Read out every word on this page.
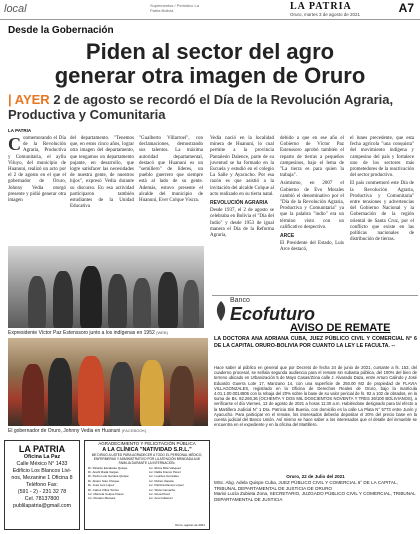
local	Suplementos / Periódico La Patria Bolivia	LA PATRIA
Oruro, martes 3 de agosto de 2021	A7
Desde la Gobernación
Piden al sector del agro
generar otra imagen de Oruro
| AYER 2 de agosto se recordó el Día de la Revolución Agraria, Productiva y Comunitaria
LA PATRIA
C onmemorando el Día de la Revolución Agraria, Productiva y Comunitaria, el ayllu Viluyo, del municipio de Huanuni, realizó un acto por el 2 de agosto en el que el gobernador de Oruro, Johnny Vedia otorgó presente y pidió generar otra imagen

del departamento. "Tenemos que, en estos cinco años, lograr otra imagen del departamento, que tengamos un departamento pujante, en desarrollo, que logre satisfacer las necesidades de nuestra gente, de nuestros hijos", expresó Vedia durante su discurso. En esa actividad participaron también estudiantes de la Unidad Educativa

"Gualberto Villarroel", con declamaciones, demostrando sus talentos. La máxima autoridad departamental, destacó que Huanuni es un "semillero" de líderes, un pueblo guerrero que siempre está al lado de su gente. Además, estuvo presente el alcalde del municipio de Huanuni, Ever Colque Viscra.

Vedia nació en la localidad minera de Huanuni, lo cual permite a la provincia Pantaleón Dalence, parte de su juventud se ha formado en la Escuela y estudió en el colegio La Salle y Ayacucho. Por esa razón es que asistió a la invitación del alcalde Colque al acto realizado en su tierra natal.

REVOLUCIÓN AGRARIA

Desde 1937, el 2 de agosto se celebraba en Bolivia el "Día del Indio" y desde 1953 de igual manera el Día de la Reforma Agraria,

debido a que en ese año el Gobierno de Víctor Paz Estenssoro aprobó también el reparto de tierras a pequeños campesinos, bajo el lema de "La tierra es para quien la trabaja".

Asimismo, en 2007 el Gobierno de Evo Morales cambió el denominativo por el "Día de la Revolución Agraria, Productiva y Comunitaria" ya que la palabra "indio" era un término visto con un calificativo despectivo.

ARCE

El Presidente del Estado, Luis Arce destacó,

el lunes precedente, que esta fecha agrícola "una conquista" del movimiento indígena y campesino del país y fortalece uno de los sectores más prometedores de la reactivación del sector productivo.

El país conmemoró este Día de la Revolución Agraria, Productiva y Comunitaria" entre tensiones y advertencias del Gobierno Nacional y la Gobernación de la región oriental de Santa Cruz, por el conflicto que existe en las políticas nacionales de distribución de tierras.

Expresidente Víctor Paz Estenssoro junto a los indígenas en 1952 (WEB)
El gobernador de Oruro, Johnny Vedia en Huanuni (FACEBOOK)
LA PATRIA
Oficina La Paz
Calle México N° 1433
Edificio Los Blancos Livi-
nos, Mezanine 1 Oficina 8
Teléfono Fax:
(591 - 2) - 231 32 78
Cel. 78137800
publilapatria@gmail.com
AGRADECIMIENTO Y FELICITACIÓN PÚBLICA
A LA CLÍNICA "NATIVIDAD S.R.L."
ME DIRIJO A USTED PARA AGRADECER A TODO EL PERSONAL MÉDICO, ENFERMERAS Y ADMINISTRATIVO POR LA ATENCIÓN BRINDADA A MI FAMILIA DURANTE LA INTERNACIÓN.
Dr. Ricardo Escalante Quispe
Dr. Anahí Rada Vargas
Dr. Pedro Luis Garnica Quispe
Dr. Alvaro Soto Choque
Dr. José Luis López
Dr. Carlos Villca Torrico
Lic. Marcela Colque Flores
Lic. Rosario Mamani
Lic. Elvira Mita Vásquez
Lic. Dalila Franco Pérez
Lic. Lourdes Gonzales
Lic. Rubén Zapata
Lic. Patricia Ramos López
Lic. Silvia Camacho
Lic. Rosa Pérez
Lic. Ana Gutiérrez
Oruro, agosto de 2021
Banco
Ecofuturo
AVISO DE REMATE
LA DOCTORA ANA ADRIANA CUBA, JUEZ PÚBLICO CIVIL Y COMERCIAL N° 6 DE LA CAPITAL ORURO-BOLIVIA POR CUANTO LA LEY LE FACULTA. --
Hace saber al público en general que por Decreto de fecha 24 de junio de 2021, cursante a fs. 153, del cuaderno procesal, se señala segunda audiencia para el remate sin subasta pública, del 100% del bien de terreno ubicado en Urbanización 5 de Mayo Casas/Zona calle J. Alvarado Daza, entre Arturo Calindo y José Eduardo Guerra Lote 17, Manzano 14, con una superficie de 250.00 M2 de propiedad de FLAVIA VILLAGONZALES, registrado en la Oficina de Derechos Reales de Oruro, bajo la matrícula 4.01.1.00.0014806 con la rebaja del 20% sobre la base de su valor pericial de fs. 92 a 102 de obrados, en la suma de Bs. 82.260,36 (OCHENTA Y DOS MIL DOSCIENTOS NOVENTA Y TRES 36/100 BOLIVIANOS), a verificarse el día Viernes, 13 de agosto de 2021 a horas 11:30 a.m. Habiéndose designado para tal efecto a la Martillera Judicial N° 1 Dra. Patricia Sisi Buenia, con domicilio en la calle La Plata N° 5773 entre Junín y Ayacucho. Para participar en el remate, los interesados deberán depositar el 20% del precio base en la cuenta judicial del Banco Unión. Así mismo se hace saber a los interesados que el detalle del inmueble se encuentra en el expediente y en la oficina del Martillero.
Oruro, 22 de Julio del 2021
MSc. Abg. Adela Quispe Cuba, JUEZ PÚBLICO CIVIL Y COMERCIAL 6° DE LA CAPITAL, TRIBUNAL DEPARTAMENTAL DE JUSTICIA DE ORURO
Marivi Lucía Zubieta Zona, SECRETARIO, JUZGADO PÚBLICO CIVIL Y COMERCIAL, TRIBUNAL DEPARTAMENTAL DE JUSTICIA
